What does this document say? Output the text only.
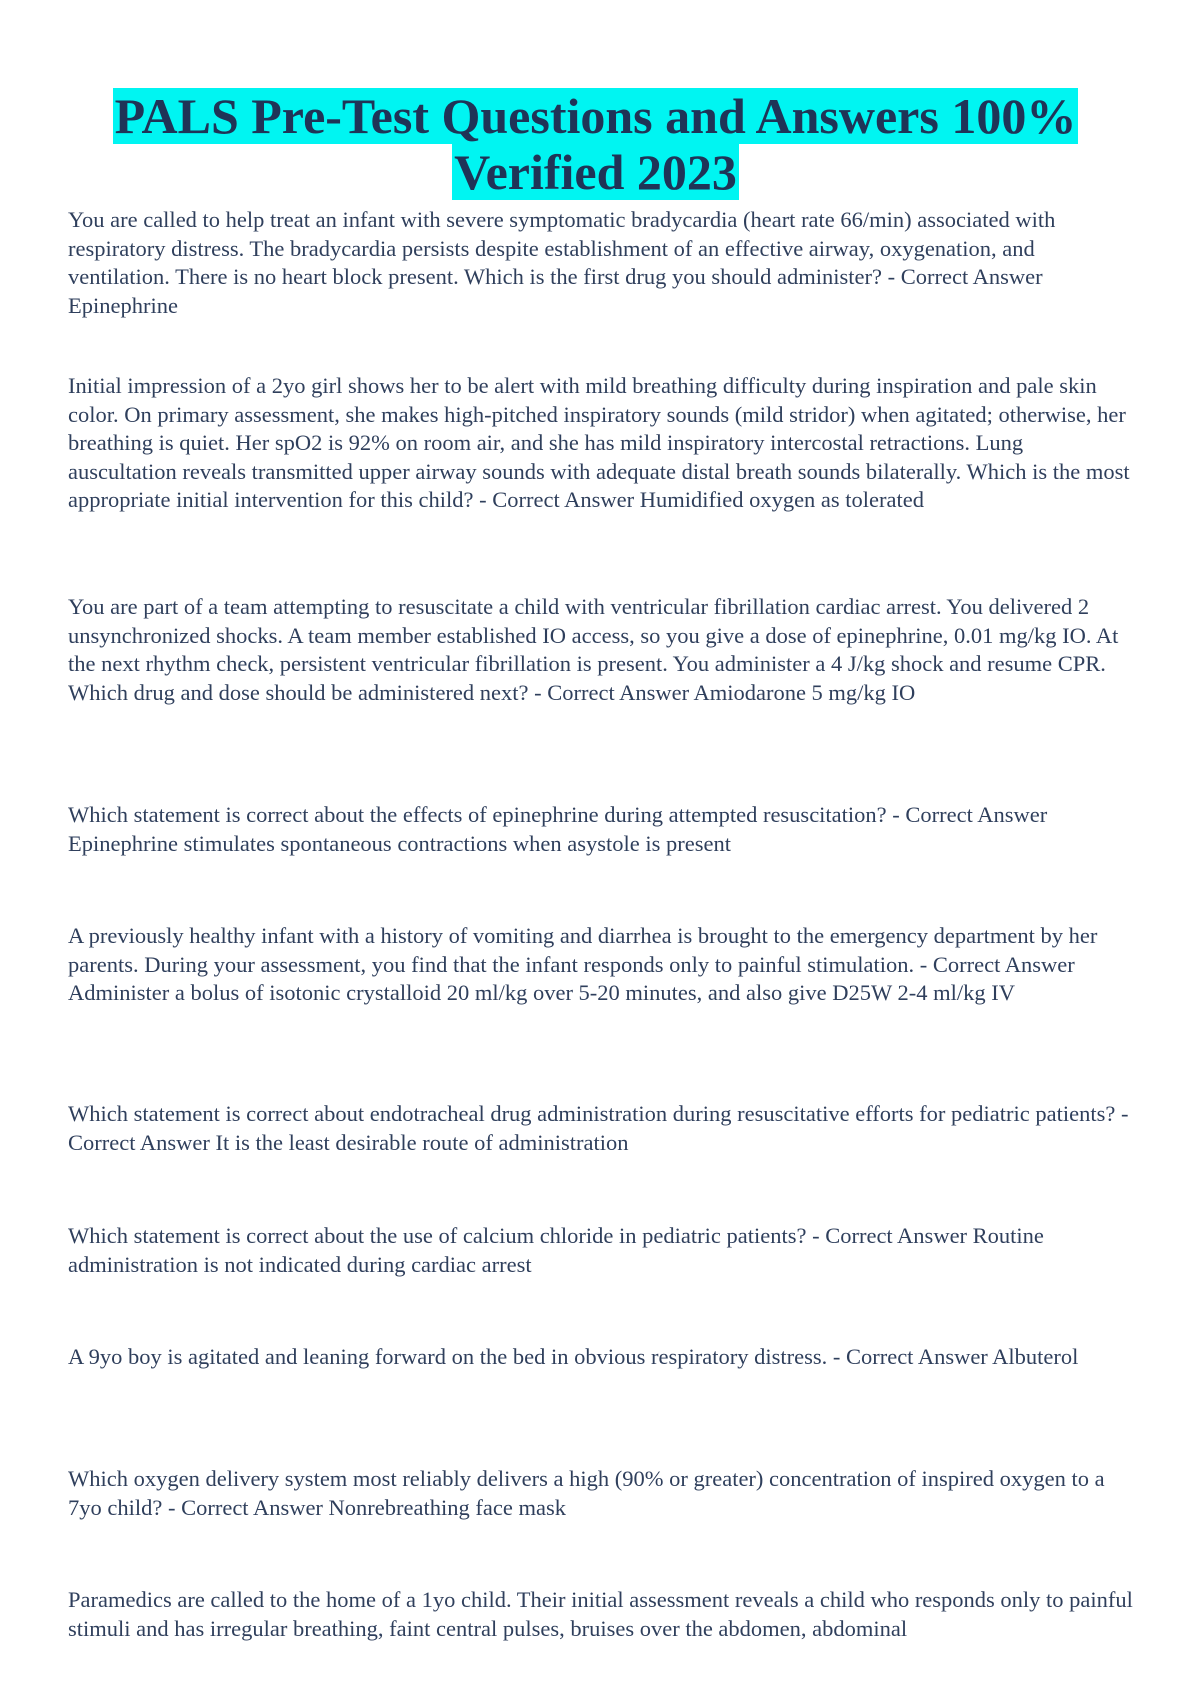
PALS Pre-Test Questions and Answers 100%
Verified 2023

You are called to help treat an infant with severe symptomatic bradycardia (heart rate 66/min) associated with respiratory distress. The bradycardia persists despite establishment of an effective airway, oxygenation, and ventilation. There is no heart block present. Which is the first drug you should administer? - Correct Answer Epinephrine

Initial impression of a 2yo girl shows her to be alert with mild breathing difficulty during inspiration and pale skin color. On primary assessment, she makes high-pitched inspiratory sounds (mild stridor) when agitated; otherwise, her breathing is quiet. Her spO2 is 92% on room air, and she has mild inspiratory intercostal retractions. Lung auscultation reveals transmitted upper airway sounds with adequate distal breath sounds bilaterally. Which is the most appropriate initial intervention for this child? - Correct Answer Humidified oxygen as tolerated

You are part of a team attempting to resuscitate a child with ventricular fibrillation cardiac arrest. You delivered 2 unsynchronized shocks. A team member established IO access, so you give a dose of epinephrine, 0.01 mg/kg IO. At the next rhythm check, persistent ventricular fibrillation is present. You administer a 4 J/kg shock and resume CPR. Which drug and dose should be administered next? - Correct Answer Amiodarone 5 mg/kg IO

Which statement is correct about the effects of epinephrine during attempted resuscitation? - Correct Answer Epinephrine stimulates spontaneous contractions when asystole is present

A previously healthy infant with a history of vomiting and diarrhea is brought to the emergency department by her parents. During your assessment, you find that the infant responds only to painful stimulation. - Correct Answer Administer a bolus of isotonic crystalloid 20 ml/kg over 5-20 minutes, and also give D25W 2-4 ml/kg IV

Which statement is correct about endotracheal drug administration during resuscitative efforts for pediatric patients? - Correct Answer It is the least desirable route of administration

Which statement is correct about the use of calcium chloride in pediatric patients? - Correct Answer Routine administration is not indicated during cardiac arrest

A 9yo boy is agitated and leaning forward on the bed in obvious respiratory distress. - Correct Answer Albuterol

Which oxygen delivery system most reliably delivers a high (90% or greater) concentration of inspired oxygen to a 7yo child? - Correct Answer Nonrebreathing face mask

Paramedics are called to the home of a 1yo child. Their initial assessment reveals a child who responds only to painful stimuli and has irregular breathing, faint central pulses, bruises over the abdomen, abdominal
